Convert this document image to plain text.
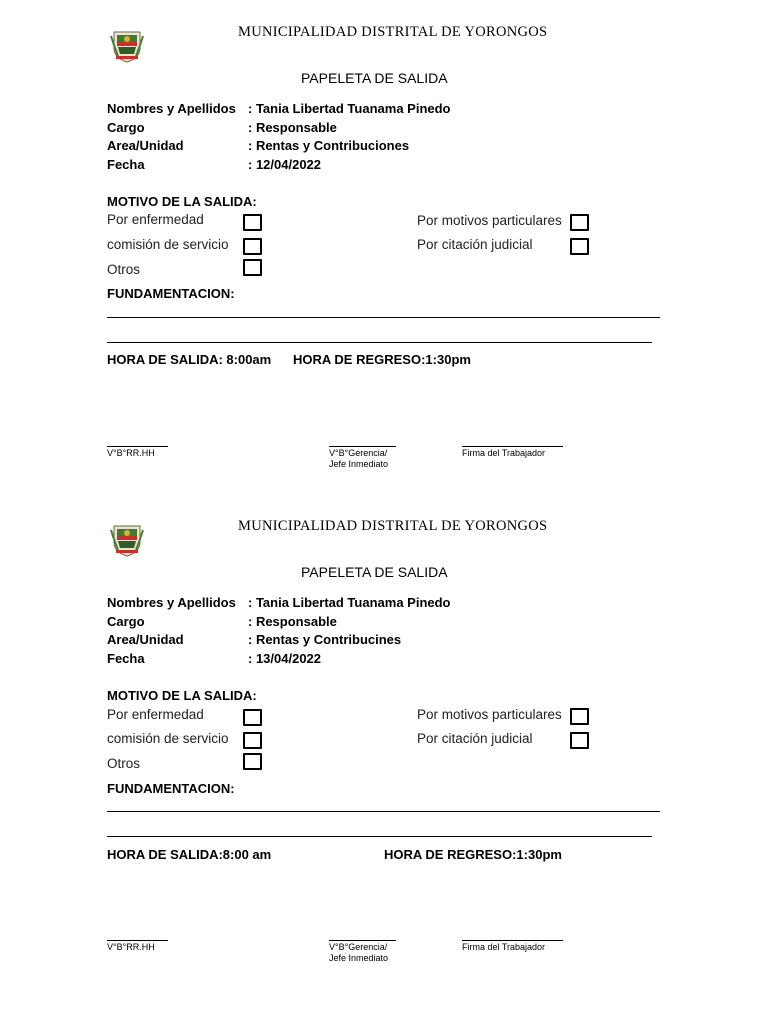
MUNICIPALIDAD DISTRITAL DE YORONGOS
PAPELETA DE SALIDA
Nombres y Apellidos : Tania Libertad Tuanama Pinedo
Cargo	: Responsable
Area/Unidad	: Rentas y Contribuciones
Fecha	: 12/04/2022
MOTIVO DE LA SALIDA:
Por enfermedad
comisión de servicio
Otros
Por motivos particulares
Por citación judicial
FUNDAMENTACION:
HORA DE SALIDA: 8:00am HORA DE REGRESO:1:30pm
V°B°RR.HH	V°B°Gerencia/
Jefe Inmediato
Firma del Trabajador
MUNICIPALIDAD DISTRITAL DE YORONGOS
PAPELETA DE SALIDA
Nombres y Apellidos : Tania Libertad Tuanama Pinedo
Cargo	: Responsable
Area/Unidad	: Rentas y Contribucines
Fecha	: 13/04/2022
MOTIVO DE LA SALIDA:
Por enfermedad
comisión de servicio
Otros
Por motivos particulares
Por citación judicial
FUNDAMENTACION:
HORA DE SALIDA:8:00 am	HORA DE REGRESO:1:30pm
V°B°RR.HH	V°B°Gerencia/
Jefe Inmediato
Firma del Trabajador
